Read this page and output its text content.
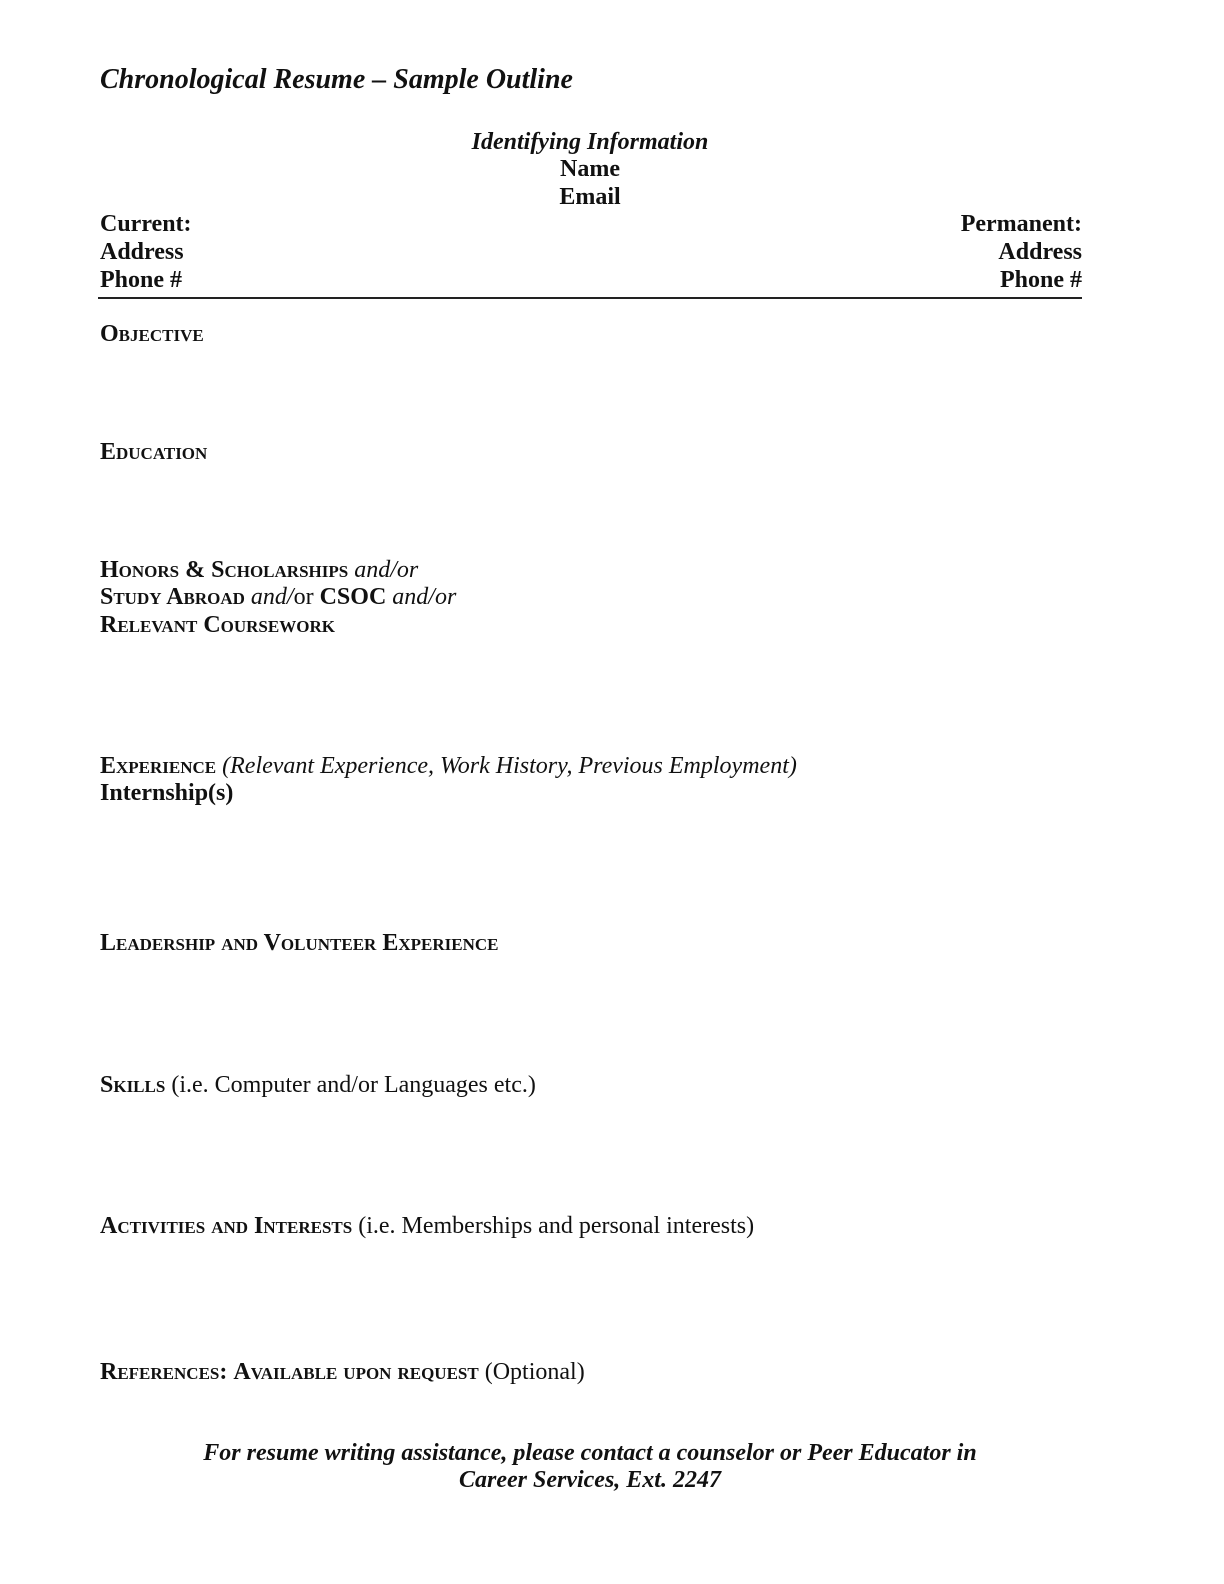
Chronological Resume – Sample Outline
Identifying Information
Name
Email
Current:
Address
Phone #
Permanent:
Address
Phone #
Objective
Education
Honors & Scholarships and/or
Study Abroad and/or CSOC and/or
Relevant Coursework
Experience (Relevant Experience, Work History, Previous Employment)
Internship(s)
Leadership and Volunteer Experience
Skills (i.e. Computer and/or Languages etc.)
Activities and Interests (i.e. Memberships and personal interests)
References: Available upon request (Optional)
For resume writing assistance, please contact a counselor or Peer Educator in
Career Services, Ext. 2247
